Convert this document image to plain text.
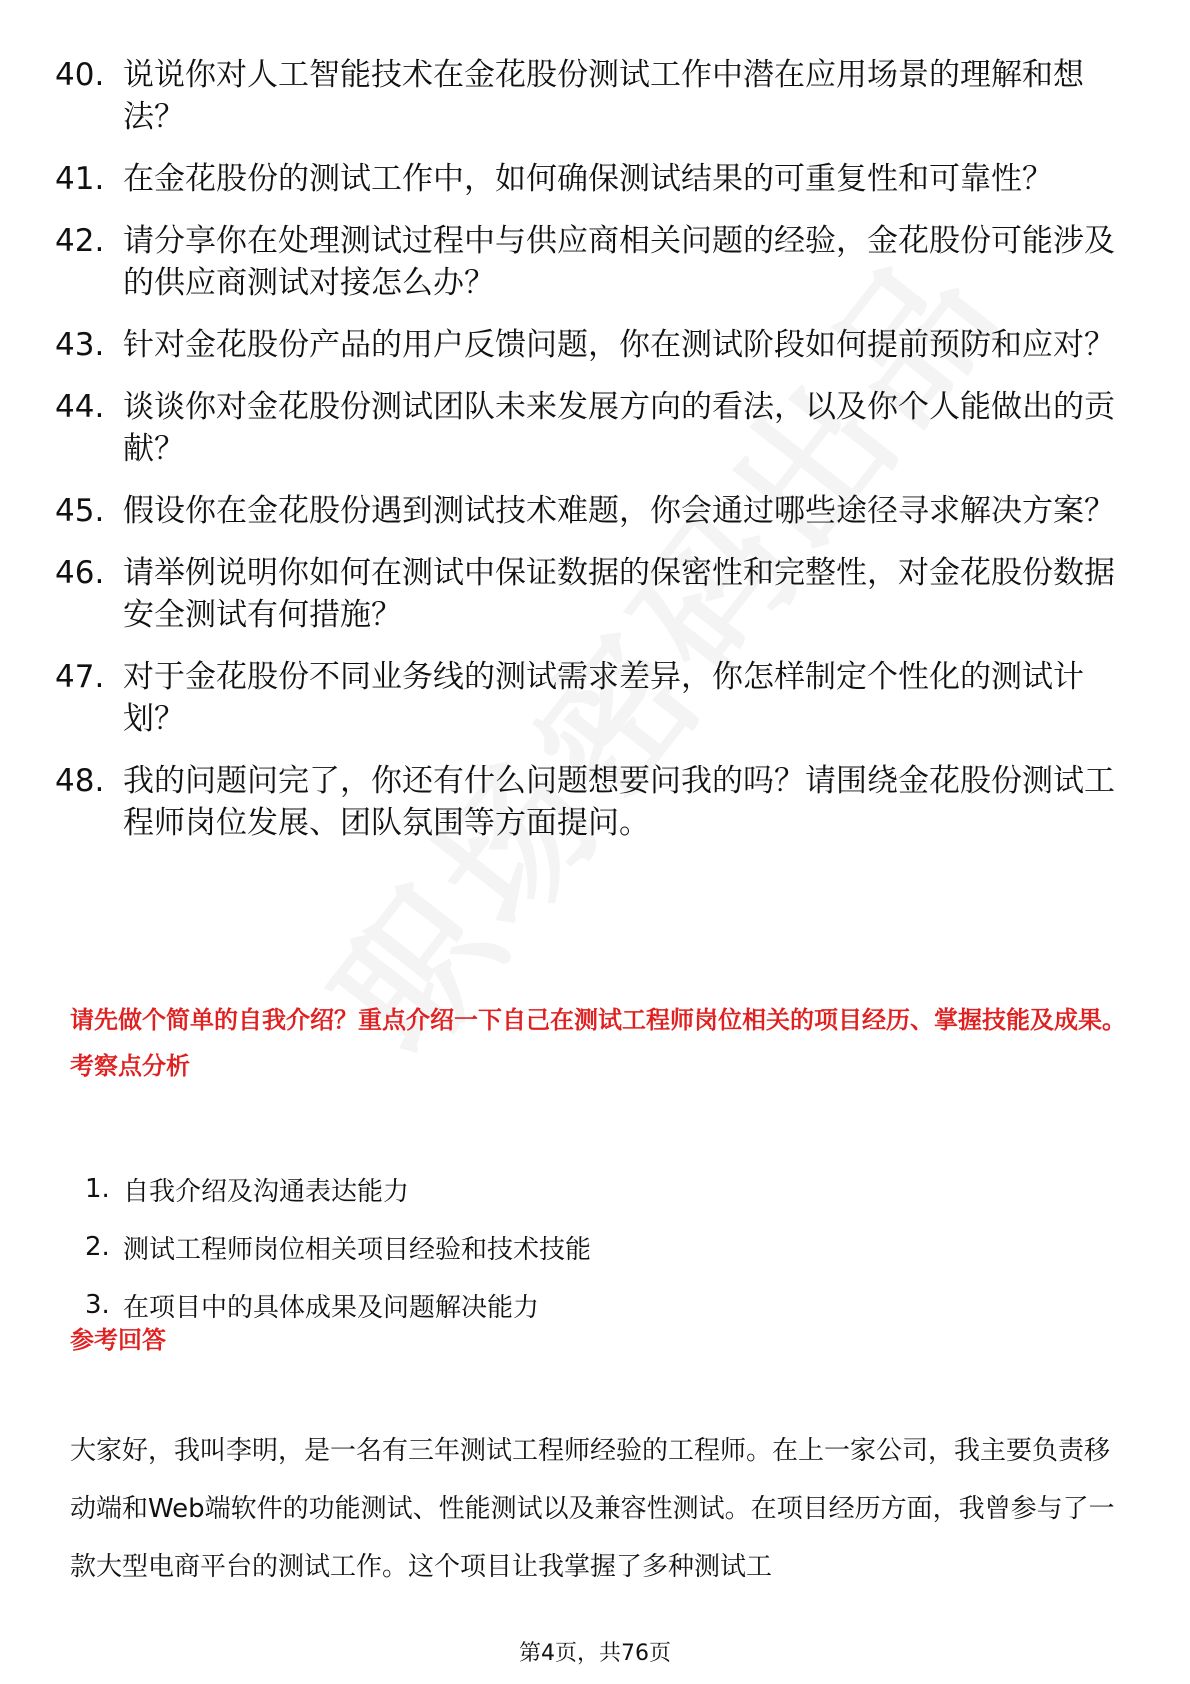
40. 说说你对人工智能技术在金花股份测试工作中潜在应用场景的理解和想法？
41. 在金花股份的测试工作中，如何确保测试结果的可重复性和可靠性？
42. 请分享你在处理测试过程中与供应商相关问题的经验，金花股份可能涉及的供应商测试对接怎么办？
43. 针对金花股份产品的用户反馈问题，你在测试阶段如何提前预防和应对？
44. 谈谈你对金花股份测试团队未来发展方向的看法，以及你个人能做出的贡献？
45. 假设你在金花股份遇到测试技术难题，你会通过哪些途径寻求解决方案？
46. 请举例说明你如何在测试中保证数据的保密性和完整性，对金花股份数据安全测试有何措施？
47. 对于金花股份不同业务线的测试需求差异，你怎样制定个性化的测试计划？
48. 我的问题问完了，你还有什么问题想要问我的吗？请围绕金花股份测试工程师岗位发展、团队氛围等方面提问。
请先做个简单的自我介绍？重点介绍一下自己在测试工程师岗位相关的项目经历、掌握技能及成果。
考察点分析
1. 自我介绍及沟通表达能力
2. 测试工程师岗位相关项目经验和技术技能
3. 在项目中的具体成果及问题解决能力
参考回答
大家好，我叫李明，是一名有三年测试工程师经验的工程师。在上一家公司，我主要负责移动端和Web端软件的功能测试、性能测试以及兼容性测试。在项目经历方面，我曾参与了一款大型电商平台的测试工作。这个项目让我掌握了多种测试工
第4页，共76页
